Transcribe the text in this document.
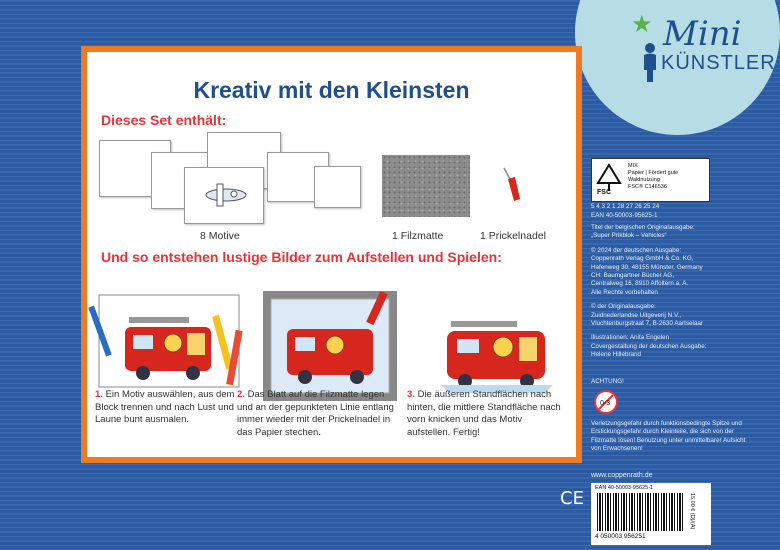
★ Mini
KÜNSTLER
Kreativ mit den Kleinsten
Dieses Set enthält:
8 Motive	1 Filzmatte	1 Prickelnadel
Und so entstehen lustige Bilder zum Aufstellen und Spielen:
1. Ein Motiv auswählen, aus dem Block trennen und nach Lust und Laune bunt ausmalen.
2. Das Blatt auf die Filzmatte legen und an der gepunkteten Linie entlang immer wieder mit der Prickelnadel in das Papier stechen.
3. Die äußeren Standflächen nach hinten, die mittlere Standfläche nach vorn knicken und das Motiv aufstellen. Fertig!
FSC
MIX
Papier | Fördert gute Waldnutzung
FSC® C146536
5 4 3 2 1 28 27 26 25 24
EAN 40-50003-95625-1
Titel der belgischen Originalausgabe:
„Super Prikblok – Vehicles“
© 2024 der deutschen Ausgabe:
Coppenrath Verlag GmbH & Co. KG,
Hafenweg 30, 48155 Münster, Germany
CH: Baumgartner Bücher AG,
Centralweg 16, 8910 Affoltern a. A.
Alle Rechte vorbehalten
© der Originalausgabe:
Zuidnederlandse Uitgeverij N.V.,
Vluchtenburgstraat 7, B-2630 Aartselaar
Illustrationen: Anita Engelen
Covergestaltung der deutschen Ausgabe:
Helene Hillebrand
ACHTUNG!
0-3
Verletzungsgefahr durch funktionsbedingte Spitze und Erstickungsgefahr durch Kleinteile, die sich von der Filzmatte lösen! Benutzung unter unmittelbarer Aufsicht von Erwachsenen!
www.coppenrath.de
CE EAN 40-50003-95625-1
4 050003 956251
15,00 € (D)/(A)
